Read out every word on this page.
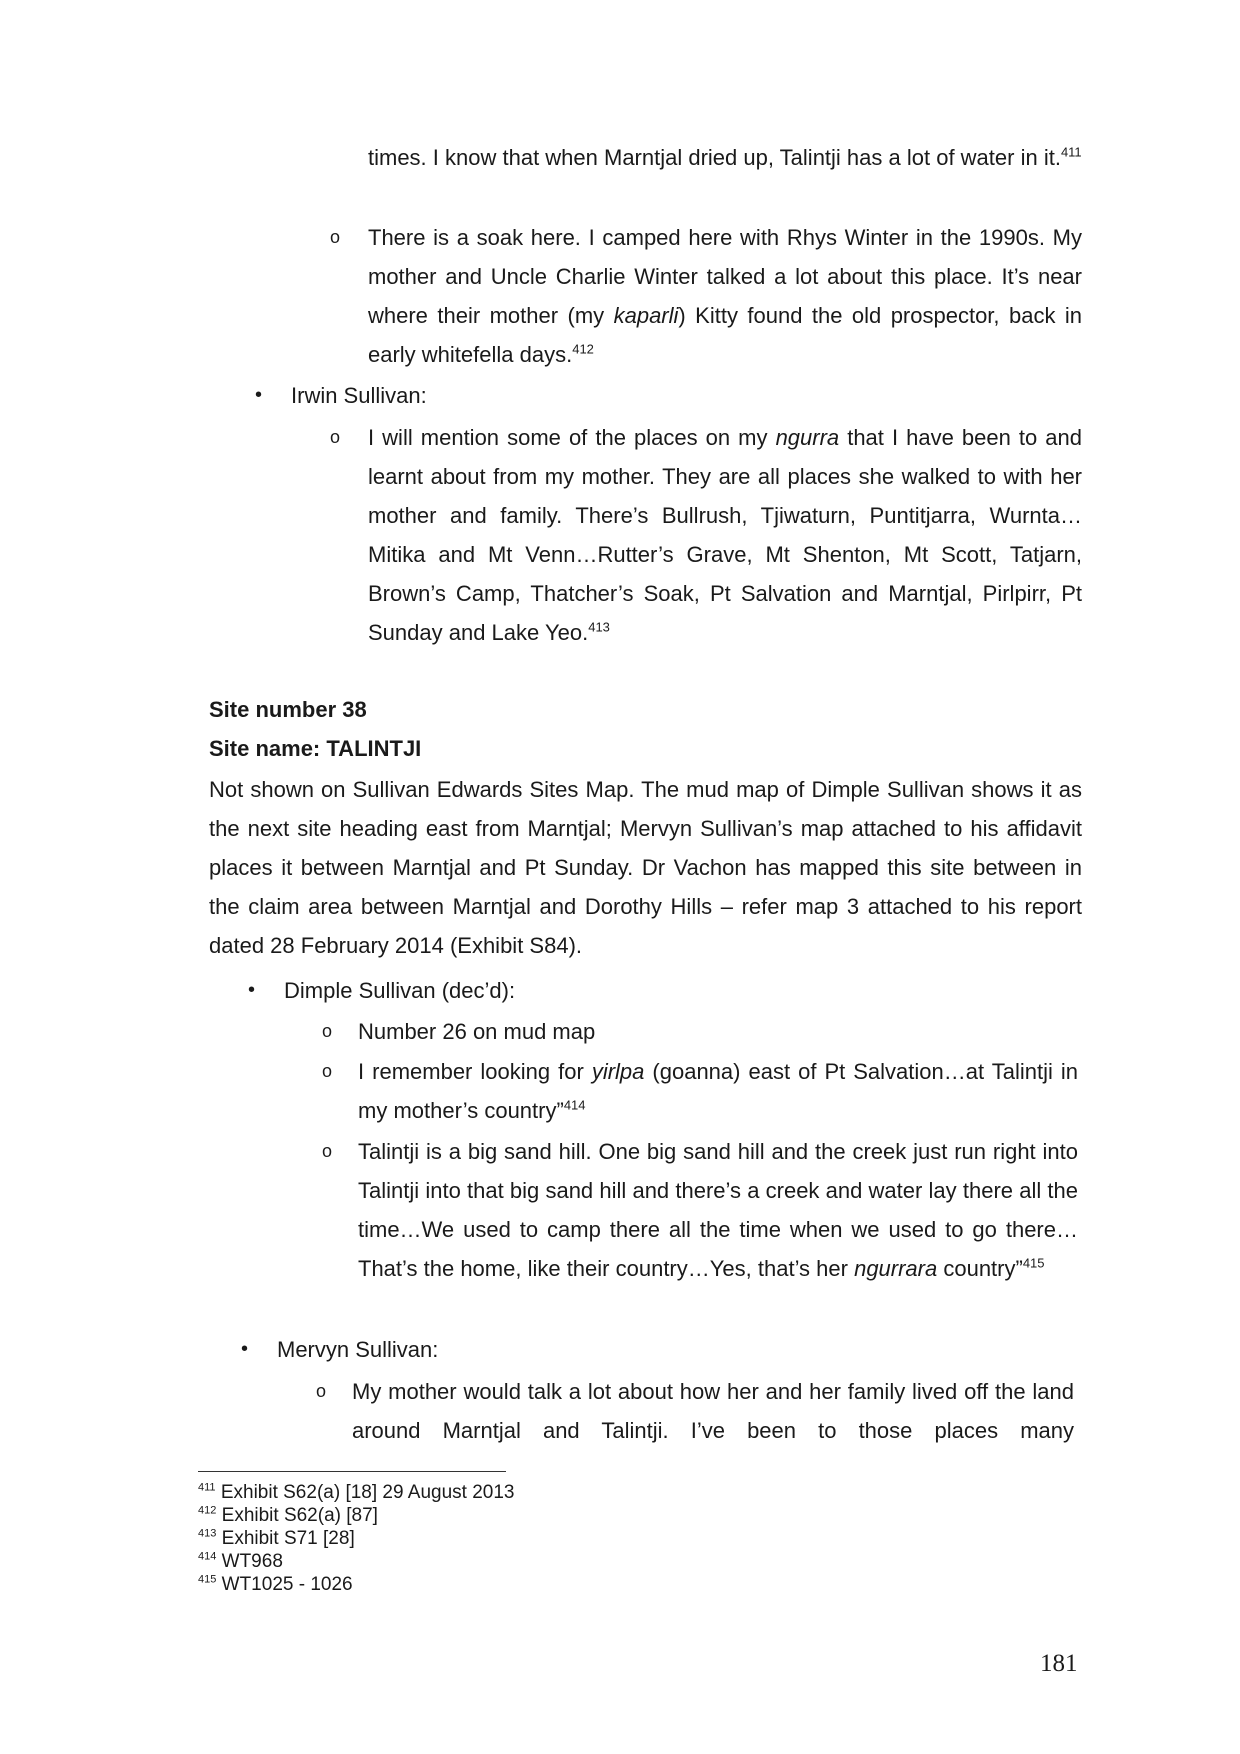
times. I know that when Marntjal dried up, Talintji has a lot of water in it.$^{411}$

o There is a soak here. I camped here with Rhys Winter in the 1990s. My mother and Uncle Charlie Winter talked a lot about this place. It’s near where their mother (my kaparli) Kitty found the old prospector, back in early whitefella days.$^{412}$

• Irwin Sullivan:

o I will mention some of the places on my ngurra that I have been to and learnt about from my mother. They are all places she walked to with her mother and family. There’s Bullrush, Tjiwaturn, Puntitjarra, Wurnta…Mitika and Mt Venn…Rutter’s Grave, Mt Shenton, Mt Scott, Tatjarn, Brown’s Camp, Thatcher’s Soak, Pt Salvation and Marntjal, Pirlpirr, Pt Sunday and Lake Yeo.$^{413}$

Site number 38

Site name: TALINTJI

Not shown on Sullivan Edwards Sites Map. The mud map of Dimple Sullivan shows it as the next site heading east from Marntjal; Mervyn Sullivan’s map attached to his affidavit places it between Marntjal and Pt Sunday. Dr Vachon has mapped this site between in the claim area between Marntjal and Dorothy Hills – refer map 3 attached to his report dated 28 February 2014 (Exhibit S84).

• Dimple Sullivan (dec’d):

o Number 26 on mud map

o I remember looking for yirlpa (goanna) east of Pt Salvation…at Talintji in my mother’s country”$^{414}$

o Talintji is a big sand hill. One big sand hill and the creek just run right into Talintji into that big sand hill and there’s a creek and water lay there all the time…We used to camp there all the time when we used to go there…That’s the home, like their country…Yes, that’s her ngurrara country”$^{415}$

• Mervyn Sullivan:

o My mother would talk a lot about how her and her family lived off the land around Marntjal and Talintji. I’ve been to those places many

$^{411}$ Exhibit S62(a) [18] 29 August 2013
$^{412}$ Exhibit S62(a) [87]
$^{413}$ Exhibit S71 [28]
$^{414}$ WT968
$^{415}$ WT1025 - 1026
181
